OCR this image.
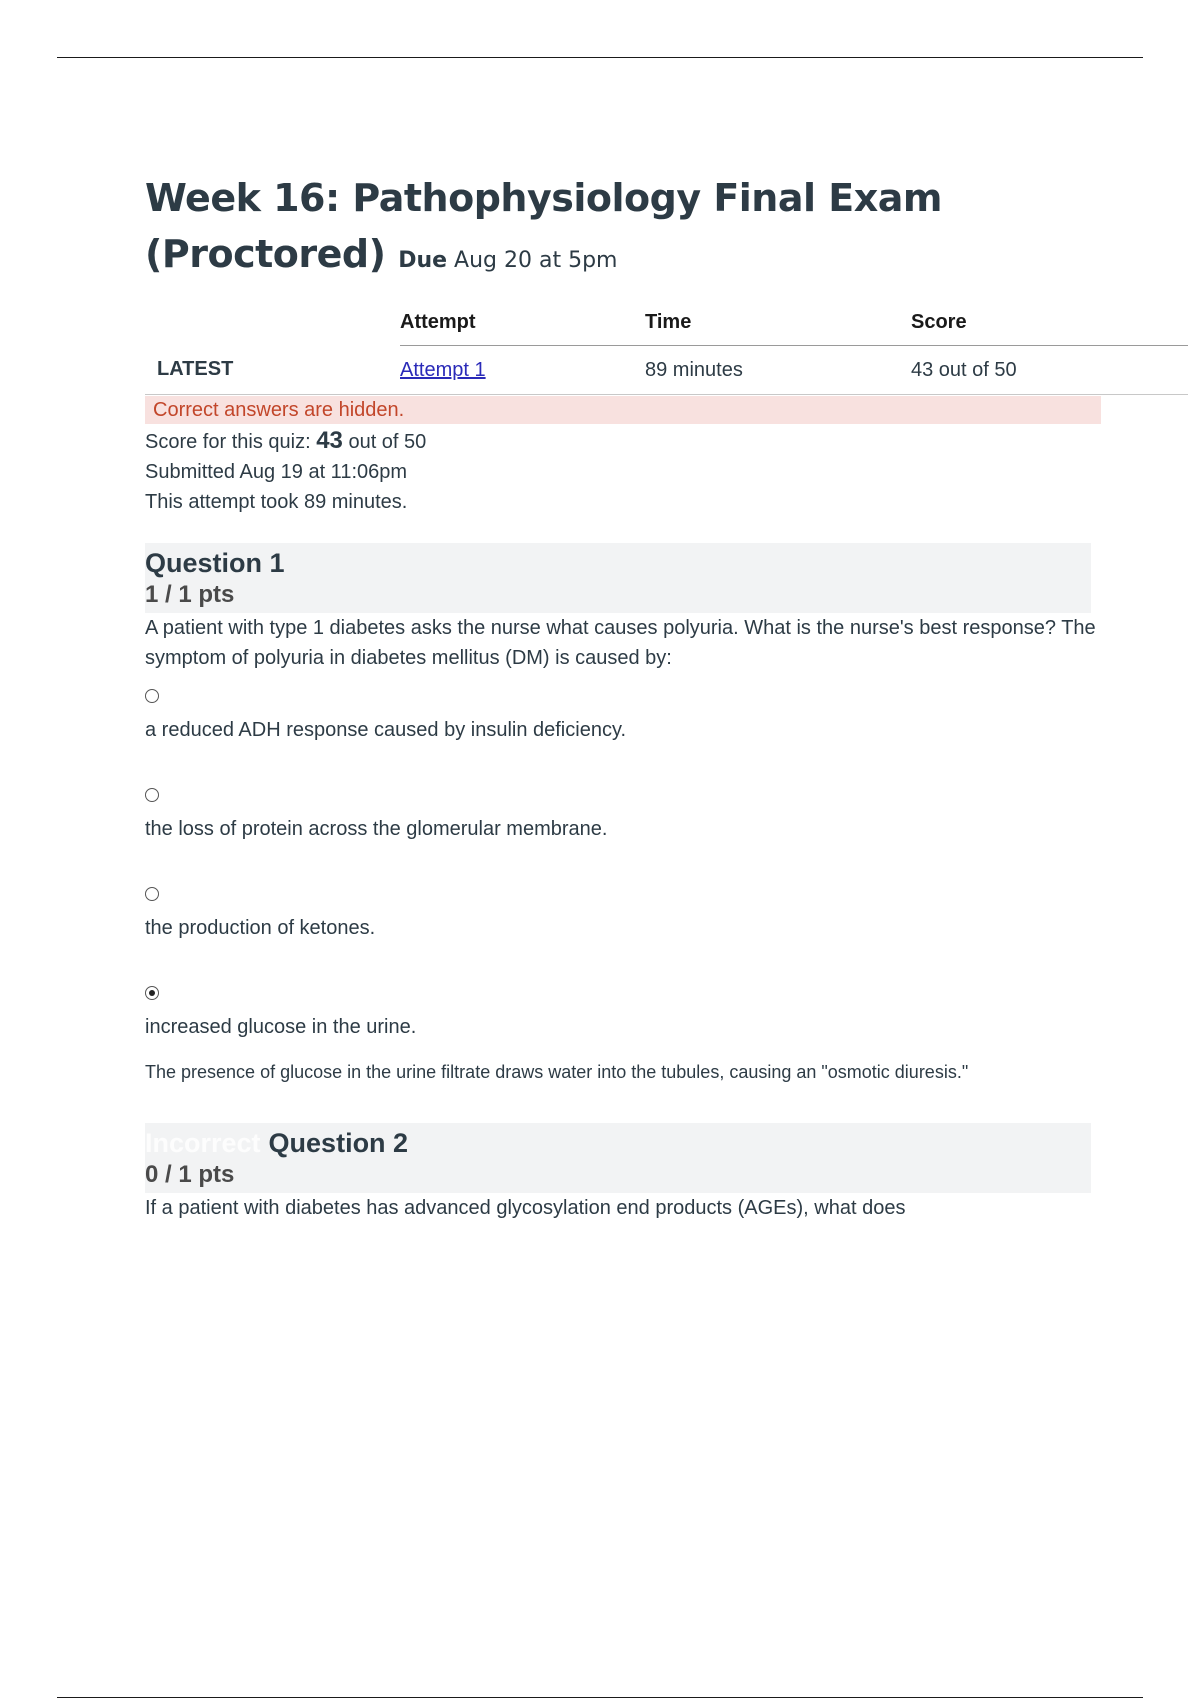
Week 16: Pathophysiology Final Exam
(Proctored) Due Aug 20 at 5pm
	Attempt	Time	Score
LATEST	Attempt 1	89 minutes	43 out of 50
Correct answers are hidden.
Score for this quiz: 43 out of 50
Submitted Aug 19 at 11:06pm
This attempt took 89 minutes.
Question 1
1 / 1 pts
A patient with type 1 diabetes asks the nurse what causes polyuria. What is the nurse's best response? The symptom of polyuria in diabetes mellitus (DM) is caused by:
a reduced ADH response caused by insulin deficiency.
the loss of protein across the glomerular membrane.
the production of ketones.
increased glucose in the urine.
The presence of glucose in the urine filtrate draws water into the tubules, causing an "osmotic diuresis."
Incorrect Question 2
0 / 1 pts
If a patient with diabetes has advanced glycosylation end products (AGEs), what does
